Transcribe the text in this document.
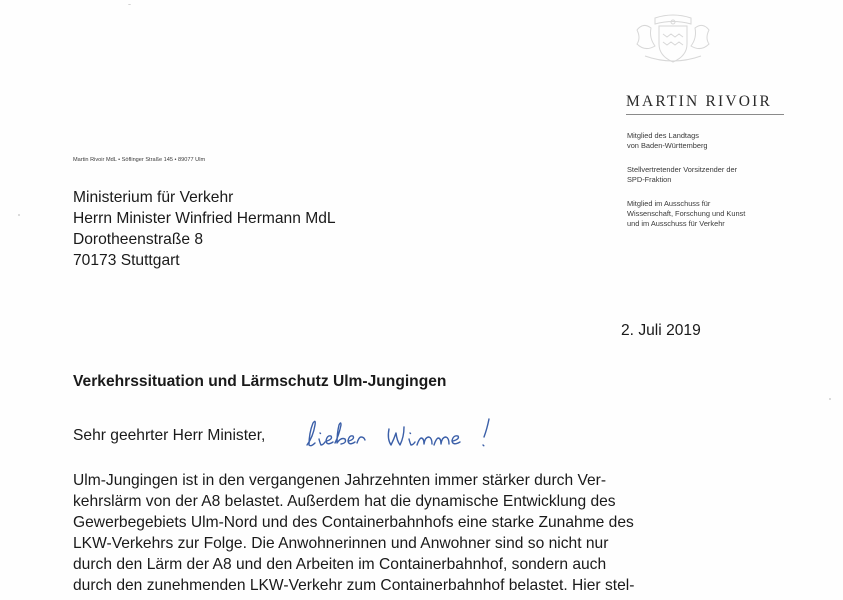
MARTIN RIVOIR
Mitglied des Landtags
von Baden-Württemberg
Stellvertretender Vorsitzender der
SPD-Fraktion
Mitglied im Ausschuss für
Wissenschaft, Forschung und Kunst
und im Ausschuss für Verkehr
Martin Rivoir MdL • Söflinger Straße 145 • 89077 Ulm
Ministerium für Verkehr
Herrn Minister Winfried Hermann MdL
Dorotheenstraße 8
70173 Stuttgart
2. Juli 2019
Verkehrssituation und Lärmschutz Ulm-Jungingen
Sehr geehrter Herr Minister,
Ulm-Jungingen ist in den vergangenen Jahrzehnten immer stärker durch Ver-
kehrslärm von der A8 belastet. Außerdem hat die dynamische Entwicklung des
Gewerbegebiets Ulm-Nord und des Containerbahnhofs eine starke Zunahme des
LKW-Verkehrs zur Folge. Die Anwohnerinnen und Anwohner sind so nicht nur
durch den Lärm der A8 und den Arbeiten im Containerbahnhof, sondern auch
durch den zunehmenden LKW-Verkehr zum Containerbahnhof belastet. Hier stel-
